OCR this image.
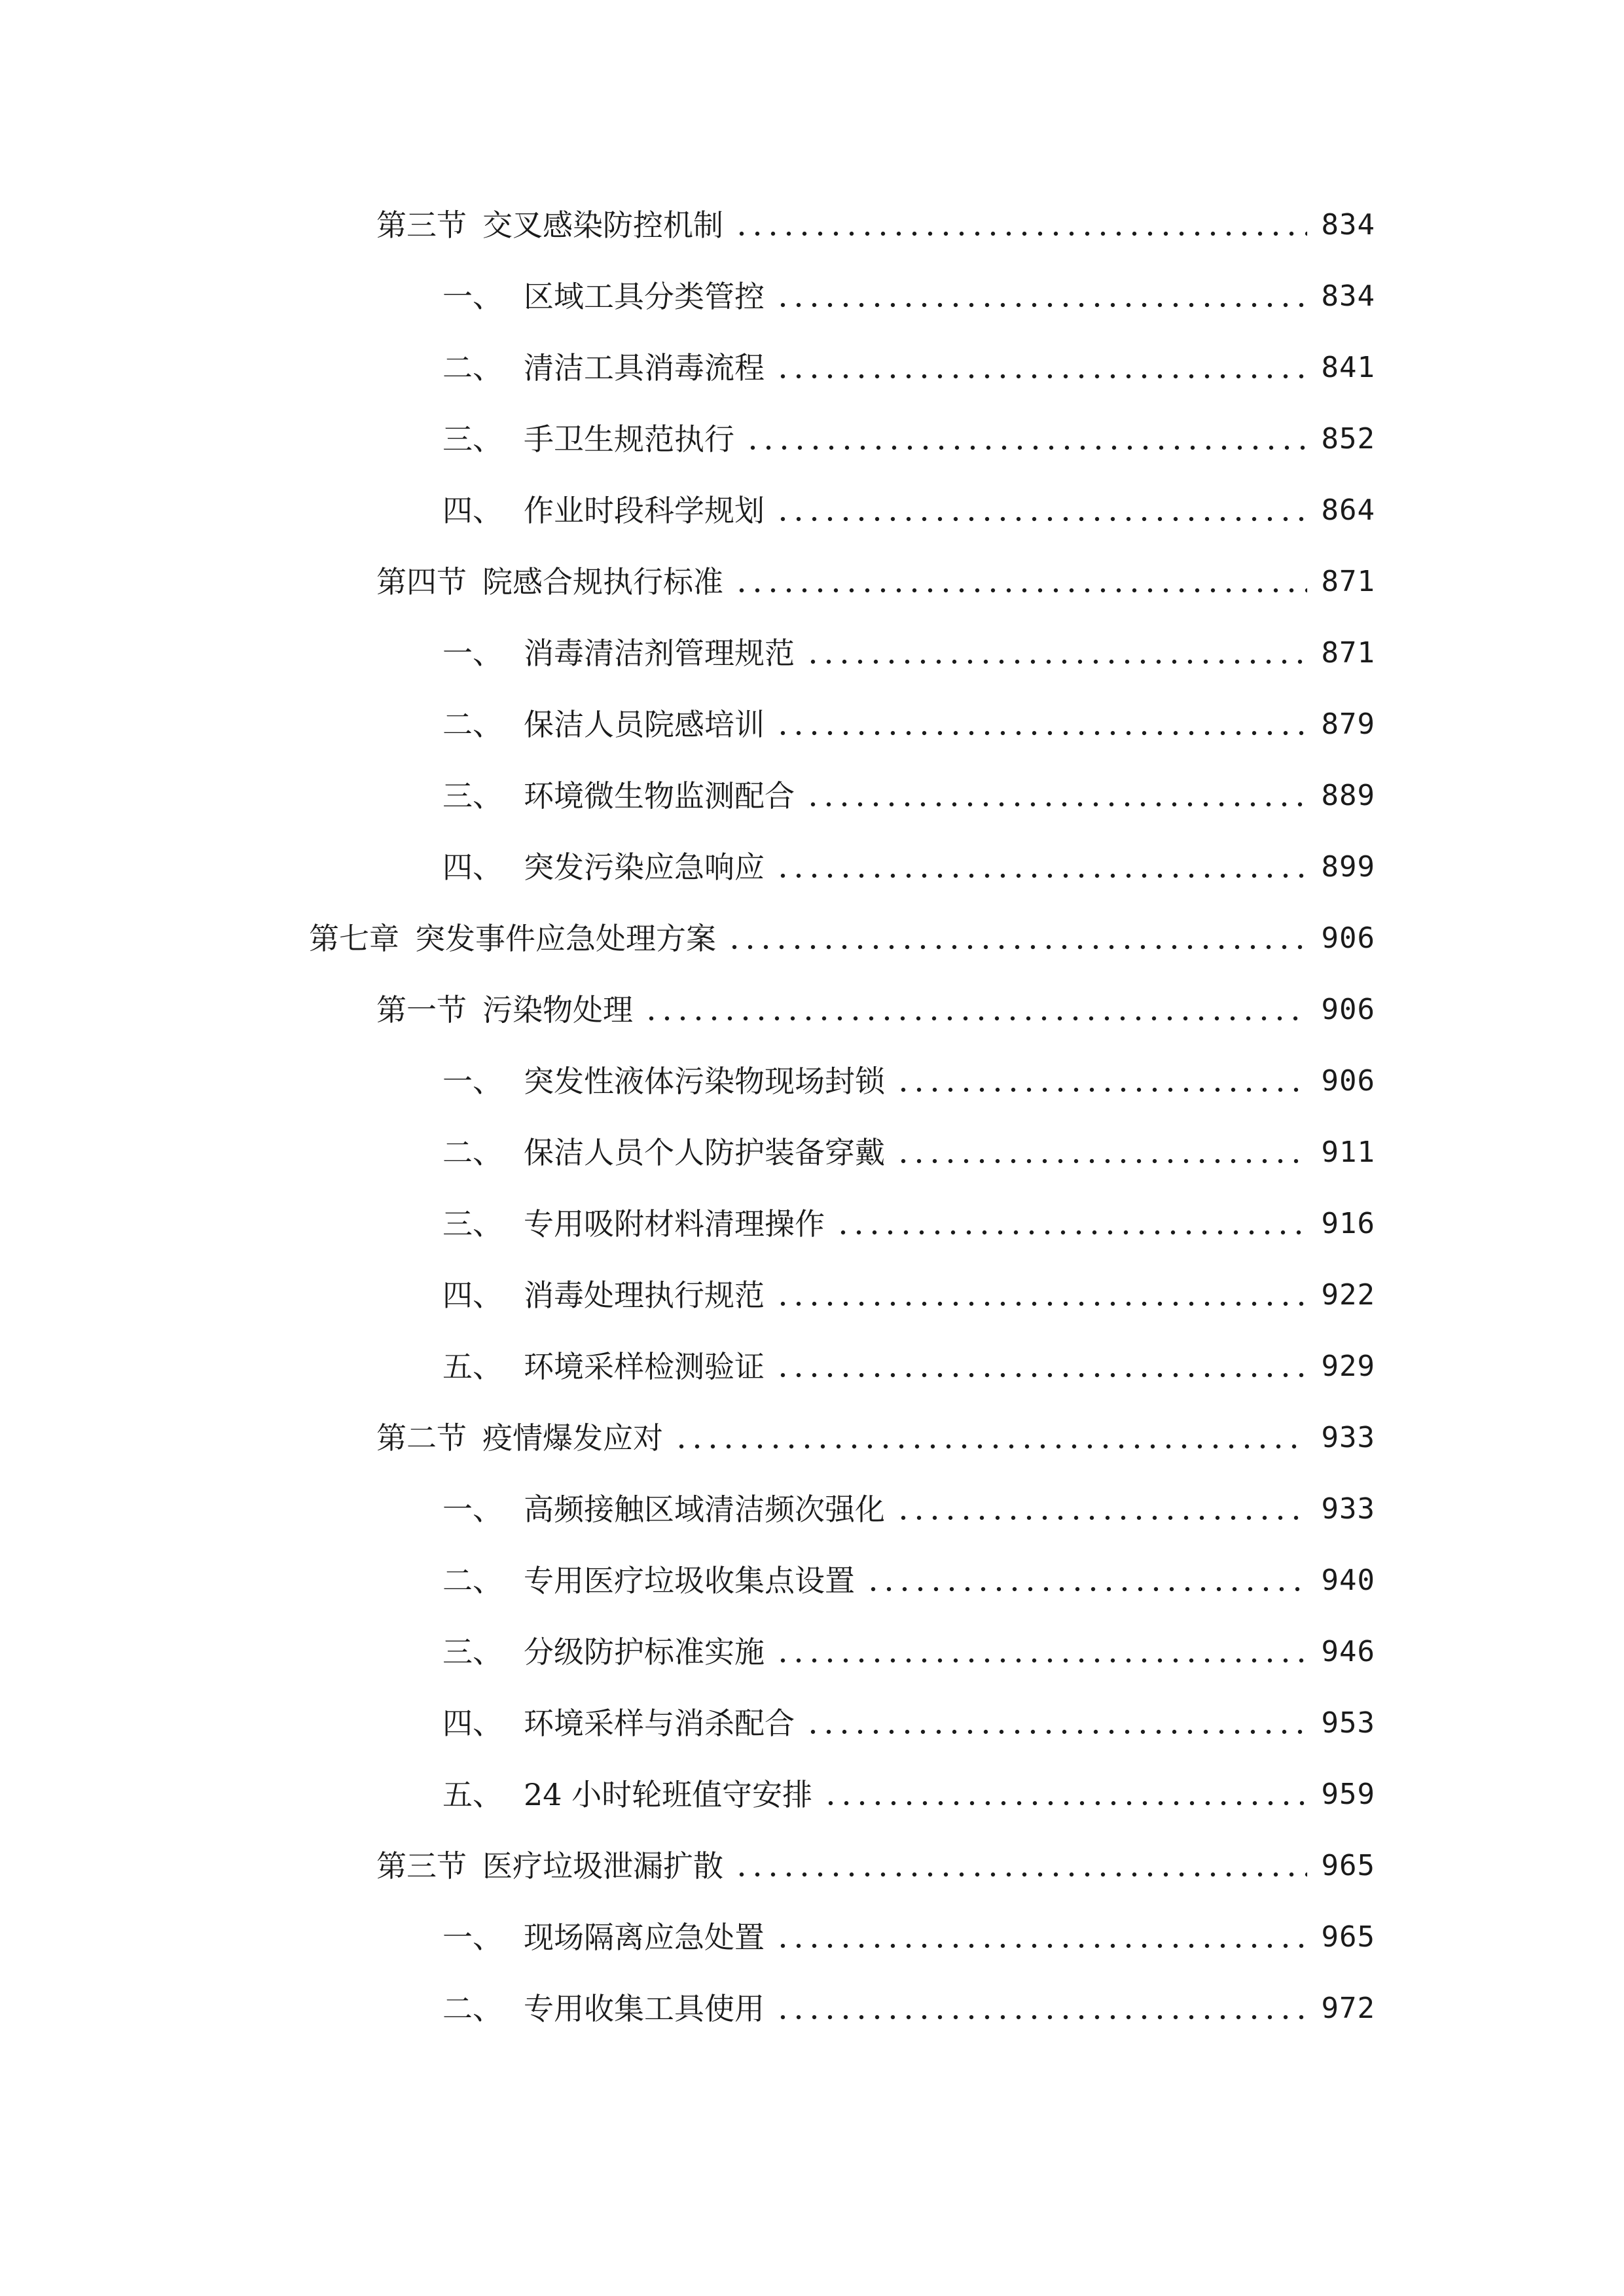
第三节 交叉感染防控机制	834
一、 区域工具分类管控	834
二、 清洁工具消毒流程	841
三、 手卫生规范执行	852
四、 作业时段科学规划	864
第四节 院感合规执行标准	871
一、 消毒清洁剂管理规范	871
二、 保洁人员院感培训	879
三、 环境微生物监测配合	889
四、 突发污染应急响应	899
第七章 突发事件应急处理方案	906
第一节 污染物处理	906
一、 突发性液体污染物现场封锁	906
二、 保洁人员个人防护装备穿戴	911
三、 专用吸附材料清理操作	916
四、 消毒处理执行规范	922
五、 环境采样检测验证	929
第二节 疫情爆发应对	933
一、 高频接触区域清洁频次强化	933
二、 专用医疗垃圾收集点设置	940
三、 分级防护标准实施	946
四、 环境采样与消杀配合	953
五、 24 小时轮班值守安排	959
第三节 医疗垃圾泄漏扩散	965
一、 现场隔离应急处置	965
二、 专用收集工具使用	972
